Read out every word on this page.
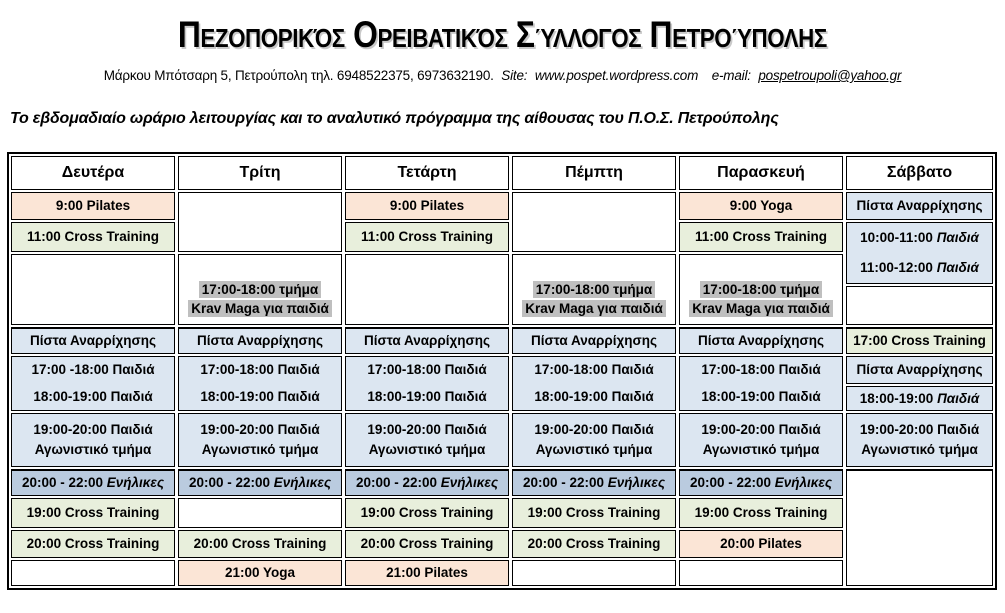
Πεζοπορικός Ορειβατικός Σύλλογος Πετρούπολης
Μάρκου Μπότσαρη 5, Πετρούπολη τηλ. 6948522375, 6973632190. Site: www.pospet.wordpress.com e-mail: pospetroupoli@yahoo.gr
Το εβδομαδιαίο ωράριο λειτουργίας και το αναλυτικό πρόγραμμα της αίθουσας του Π.Ο.Σ. Πετρούπολης
Δευτέρα
9:00 Pilates
11:00 Cross Training
Πίστα Αναρρίχησης
17:00 -18:00 Παιδιά
18:00-19:00 Παιδιά
19:00-20:00 Παιδιά
Αγωνιστικό τμήμα
20:00 - 22:00 Ενήλικες
19:00 Cross Training
20:00 Cross Training
Τρίτη
17:00-18:00 τμήμα
Krav Maga για παιδιά
Πίστα Αναρρίχησης
17:00-18:00 Παιδιά
18:00-19:00 Παιδιά
19:00-20:00 Παιδιά
Αγωνιστικό τμήμα
20:00 - 22:00 Ενήλικες
20:00 Cross Training
21:00 Yoga
Τετάρτη
9:00 Pilates
11:00 Cross Training
Πίστα Αναρρίχησης
17:00-18:00 Παιδιά
18:00-19:00 Παιδιά
19:00-20:00 Παιδιά
Αγωνιστικό τμήμα
20:00 - 22:00 Ενήλικες
19:00 Cross Training
20:00 Cross Training
21:00 Pilates
Πέμπτη
17:00-18:00 τμήμα
Krav Maga για παιδιά
Πίστα Αναρρίχησης
17:00-18:00 Παιδιά
18:00-19:00 Παιδιά
19:00-20:00 Παιδιά
Αγωνιστικό τμήμα
20:00 - 22:00 Ενήλικες
19:00 Cross Training
20:00 Cross Training
Παρασκευή
9:00 Yoga
11:00 Cross Training
17:00-18:00 τμήμα
Krav Maga για παιδιά
Πίστα Αναρρίχησης
17:00-18:00 Παιδιά
18:00-19:00 Παιδιά
19:00-20:00 Παιδιά
Αγωνιστικό τμήμα
20:00 - 22:00 Ενήλικες
19:00 Cross Training
20:00 Pilates
Σάββατο
Πίστα Αναρρίχησης
10:00-11:00 Παιδιά
11:00-12:00 Παιδιά
17:00 Cross Training
Πίστα Αναρρίχησης
18:00-19:00 Παιδιά
19:00-20:00 Παιδιά
Αγωνιστικό τμήμα
